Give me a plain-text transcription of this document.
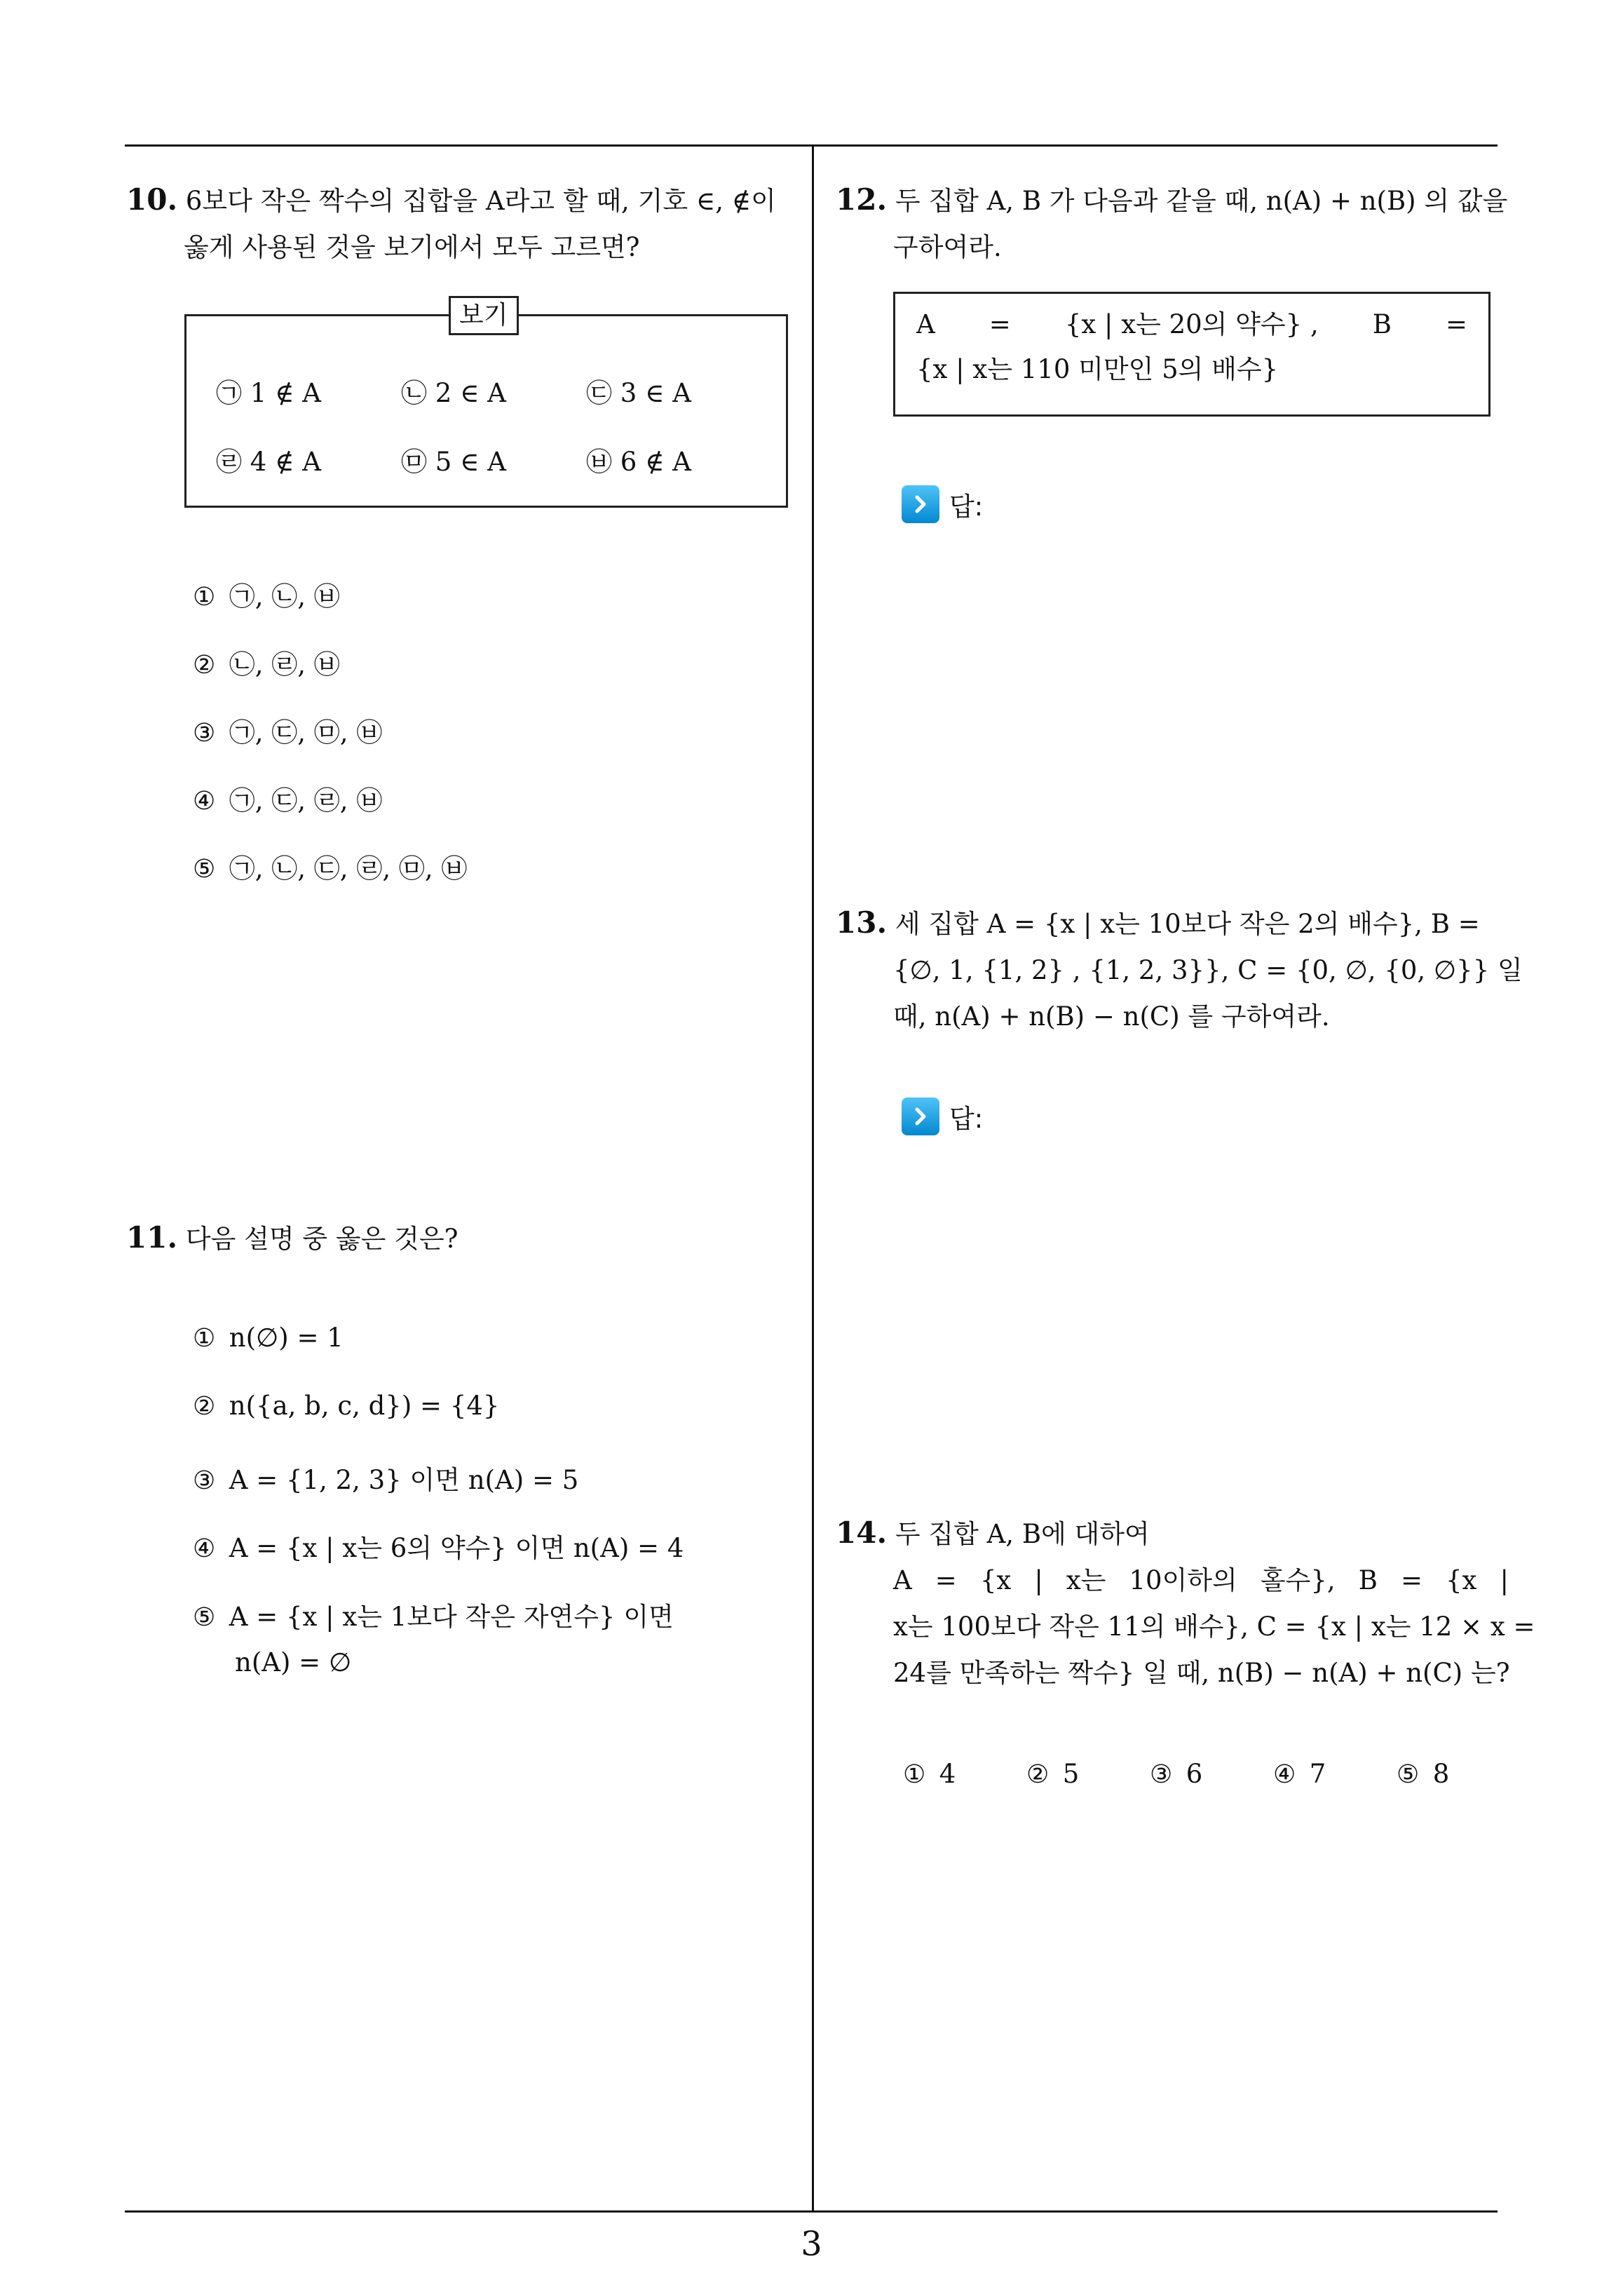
10. 6보다 작은 짝수의 집합을 A라고 할 때, 기호 ∈, ∉이
옳게 사용된 것을 보기에서 모두 고르면?
보기
㉠ 1 ∉ A	㉡ 2 ∈ A	㉢ 3 ∈ A
㉣ 4 ∉ A	㉤ 5 ∈ A	㉥ 6 ∉ A
① ㉠, ㉡, ㉥
② ㉡, ㉣, ㉥
③ ㉠, ㉢, ㉤, ㉥
④ ㉠, ㉢, ㉣, ㉥
⑤ ㉠, ㉡, ㉢, ㉣, ㉤, ㉥
11. 다음 설명 중 옳은 것은?
① n(∅) = 1
② n({a, b, c, d}) = {4}
③ A = {1, 2, 3} 이면 n(A) = 5
④ A = {x | x는 6의 약수} 이면 n(A) = 4
⑤ A = {x | x는 1보다 작은 자연수} 이면
n(A) = ∅
12. 두 집합 A, B 가 다음과 같을 때, n(A) + n(B) 의 값을
구하여라.
A = {x | x는 20의 약수} , B =
{x | x는 110 미만인 5의 배수}
답:
13. 세 집합 A = {x | x는 10보다 작은 2의 배수}, B =
{∅, 1, {1, 2} , {1, 2, 3}}, C = {0, ∅, {0, ∅}} 일
때, n(A) + n(B) − n(C) 를 구하여라.
답:
14. 두 집합 A, B에 대하여
A = {x | x는 10이하의 홀수}, B = {x |
x는 100보다 작은 11의 배수}, C = {x | x는 12 × x =
24를 만족하는 짝수} 일 때, n(B) − n(A) + n(C) 는?
① 4	② 5	③ 6	④ 7	⑤ 8
3
